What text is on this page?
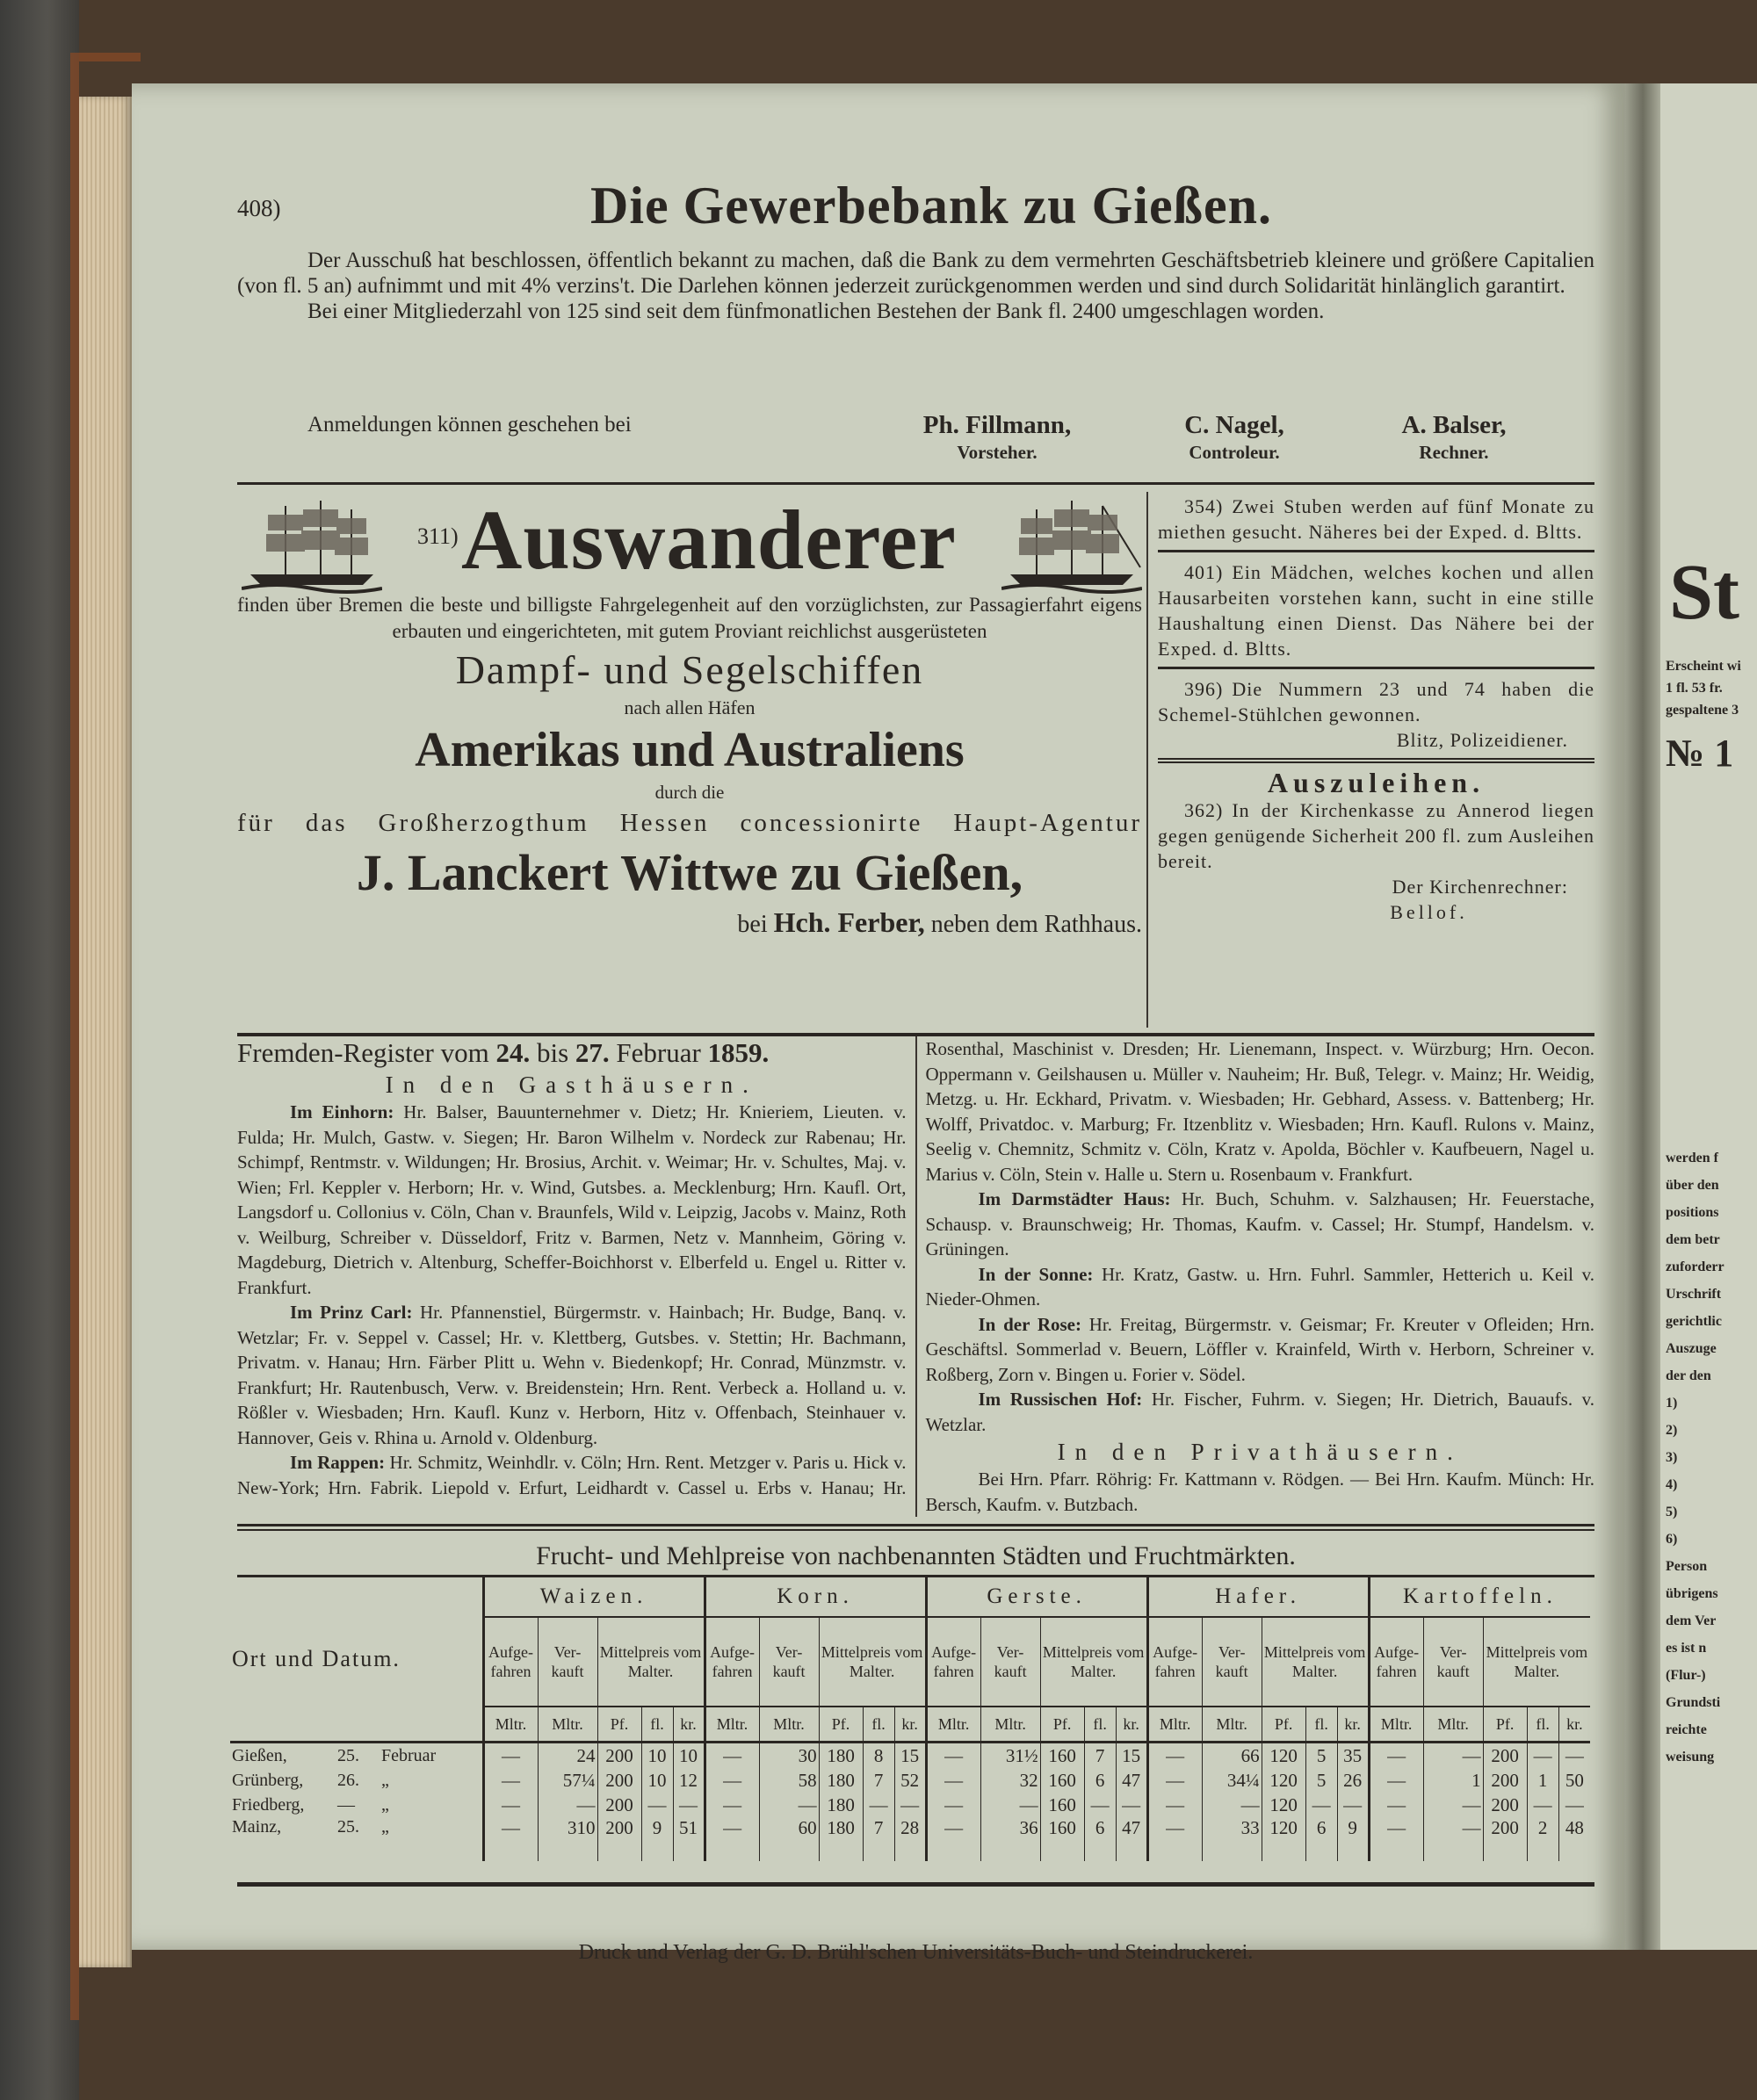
St
Erscheint wi
1 fl. 53 fr.
gespaltene 3
№ 1
werden f
über den
positions
dem betr
zuforderr
Urschrift
gerichtlic
Auszuge
der den
1)
2)
3)
4)
5)
6)
Person
übrigens
dem Ver
es ist n
(Flur-)
Grundsti
reichte
weisung
408)	Die Gewerbebank zu Gießen.

Der Ausschuß hat beschlossen, öffentlich bekannt zu machen, daß die Bank zu dem vermehrten Geschäftsbetrieb kleinere und größere Capitalien (von fl. 5 an) aufnimmt und mit 4% verzins't. Die Darlehen können jederzeit zurückgenommen werden und sind durch Solidarität hinlänglich garantirt.

Bei einer Mitgliederzahl von 125 sind seit dem fünfmonatlichen Bestehen der Bank fl. 2400 umgeschlagen worden.

Anmeldungen können geschehen bei	Ph. Fillmann,
Vorsteher.
C. Nagel,
Controleur.
A. Balser,
Rechner.
311) Auswanderer
finden über Bremen die beste und billigste Fahrgelegenheit auf den vorzüglichsten, zur Passagierfahrt eigens erbauten und eingerichteten, mit gutem Proviant reichlichst ausgerüsteten
Dampf- und Segelschiffen
nach allen Häfen
Amerikas und Australiens
durch die
für das Großherzogthum Hessen concessionirte Haupt-Agentur
J. Lanckert Wittwe zu Gießen,
bei Hch. Ferber, neben dem Rathhaus.
354) Zwei Stuben werden auf fünf Monate zu miethen gesucht. Näheres bei der Exped. d. Bltts.
401) Ein Mädchen, welches kochen und allen Hausarbeiten vorstehen kann, sucht in eine stille Haushaltung einen Dienst. Das Nähere bei der Exped. d. Bltts.
396) Die Nummern 23 und 74 haben die Schemel-Stühlchen gewonnen.
Blitz, Polizeidiener.
Auszuleihen.
362) In der Kirchenkasse zu Annerod liegen gegen genügende Sicherheit 200 fl. zum Ausleihen bereit.
Der Kirchenrechner:
Bellof.
Fremden-Register vom 24. bis 27. Februar 1859.
In den Gasthäusern.

Im Einhorn: Hr. Balser, Bauunternehmer v. Dietz; Hr. Knieriem, Lieuten. v. Fulda; Hr. Mulch, Gastw. v. Siegen; Hr. Baron Wilhelm v. Nordeck zur Rabenau; Hr. Schimpf, Rentmstr. v. Wildungen; Hr. Brosius, Archit. v. Weimar; Hr. v. Schultes, Maj. v. Wien; Frl. Keppler v. Herborn; Hr. v. Wind, Gutsbes. a. Mecklenburg; Hrn. Kaufl. Ort, Langsdorf u. Collonius v. Cöln, Chan v. Braunfels, Wild v. Leipzig, Jacobs v. Mainz, Roth v. Weilburg, Schreiber v. Düsseldorf, Fritz v. Barmen, Netz v. Mannheim, Göring v. Magdeburg, Dietrich v. Altenburg, Scheffer-Boichhorst v. Elberfeld u. Engel u. Ritter v. Frankfurt.

Im Prinz Carl: Hr. Pfannenstiel, Bürgermstr. v. Hainbach; Hr. Budge, Banq. v. Wetzlar; Fr. v. Seppel v. Cassel; Hr. v. Klettberg, Gutsbes. v. Stettin; Hr. Bachmann, Privatm. v. Hanau; Hrn. Färber Plitt u. Wehn v. Biedenkopf; Hr. Conrad, Münzmstr. v. Frankfurt; Hr. Rautenbusch, Verw. v. Breidenstein; Hrn. Rent. Verbeck a. Holland u. v. Rößler v. Wiesbaden; Hrn. Kaufl. Kunz v. Herborn, Hitz v. Offenbach, Steinhauer v. Hannover, Geis v. Rhina u. Arnold v. Oldenburg.

Im Rappen: Hr. Schmitz, Weinhdlr. v. Cöln; Hrn. Rent. Metzger v. Paris u. Hick v. New-York; Hrn. Fabrik. Liepold v. Erfurt, Leidhardt v. Cassel u. Erbs v. Hanau; Hr. Rosenthal, Maschinist v. Dresden; Hr. Lienemann, Inspect. v. Würzburg; Hrn. Oecon. Oppermann v. Geilshausen u. Müller v. Nauheim; Hr. Buß, Telegr. v. Mainz; Hr. Weidig, Metzg. u. Hr. Eckhard, Privatm. v. Wiesbaden; Hr. Gebhard, Assess. v. Battenberg; Hr. Wolff, Privatdoc. v. Marburg; Fr. Itzenblitz v. Wiesbaden; Hrn. Kaufl. Rulons v. Mainz, Seelig v. Chemnitz, Schmitz v. Cöln, Kratz v. Apolda, Böchler v. Kaufbeuern, Nagel u. Marius v. Cöln, Stein v. Halle u. Stern u. Rosenbaum v. Frankfurt.

Im Darmstädter Haus: Hr. Buch, Schuhm. v. Salzhausen; Hr. Feuerstache, Schausp. v. Braunschweig; Hr. Thomas, Kaufm. v. Cassel; Hr. Stumpf, Handelsm. v. Grüningen.

In der Sonne: Hr. Kratz, Gastw. u. Hrn. Fuhrl. Sammler, Hetterich u. Keil v. Nieder-Ohmen.

In der Rose: Hr. Freitag, Bürgermstr. v. Geismar; Fr. Kreuter v Ofleiden; Hrn. Geschäftsl. Sommerlad v. Beuern, Löffler v. Krainfeld, Wirth v. Herborn, Schreiner v. Roßberg, Zorn v. Bingen u. Forier v. Södel.

Im Russischen Hof: Hr. Fischer, Fuhrm. v. Siegen; Hr. Dietrich, Bauaufs. v. Wetzlar.

In den Privathäusern.

Bei Hrn. Pfarr. Röhrig: Fr. Kattmann v. Rödgen. — Bei Hrn. Kaufm. Münch: Hr. Bersch, Kaufm. v. Butzbach.

Frucht- und Mehlpreise von nachbenannten Städten und Fruchtmärkten.
Ort und Datum.	Waizen.					Korn.					Gerste.					Hafer.					Kartoffeln.				
	Aufge-fahren	Ver-kauft	Mittelpreis vom Malter.			Aufge-fahren	Ver-kauft	Mittelpreis vom Malter.			Aufge-fahren	Ver-kauft	Mittelpreis vom Malter.			Aufge-fahren	Ver-kauft	Mittelpreis vom Malter.			Aufge-fahren	Ver-kauft	Mittelpreis vom Malter.		
	Mltr.	Mltr.	Pf.	fl.	kr.	Mltr.	Mltr.	Pf.	fl.	kr.	Mltr.	Mltr.	Pf.	fl.	kr.	Mltr.	Mltr.	Pf.	fl.	kr.	Mltr.	Mltr.	Pf.	fl.	kr.
Gießen, 25. Februar	—	24	200	10	10	—	30	180	8	15	—	31½	160	7	15	—	66	120	5	35	—	—	200	—	—
Grünberg, 26. „	—	57¼	200	10	12	—	58	180	7	52	—	32	160	6	47	—	34¼	120	5	26	—	1	200	1	50
Friedberg, — „	—	—	200	—	—	—	—	180	—	—	—	—	160	—	—	—	—	120	—	—	—	—	200	—	—
Mainz, 25. „	—	310	200	9	51	—	60	180	7	28	—	36	160	6	47	—	33	120	6	9	—	—	200	2	48
Druck und Verlag der G. D. Brühl'schen Universitäts-Buch- und Steindruckerei.
